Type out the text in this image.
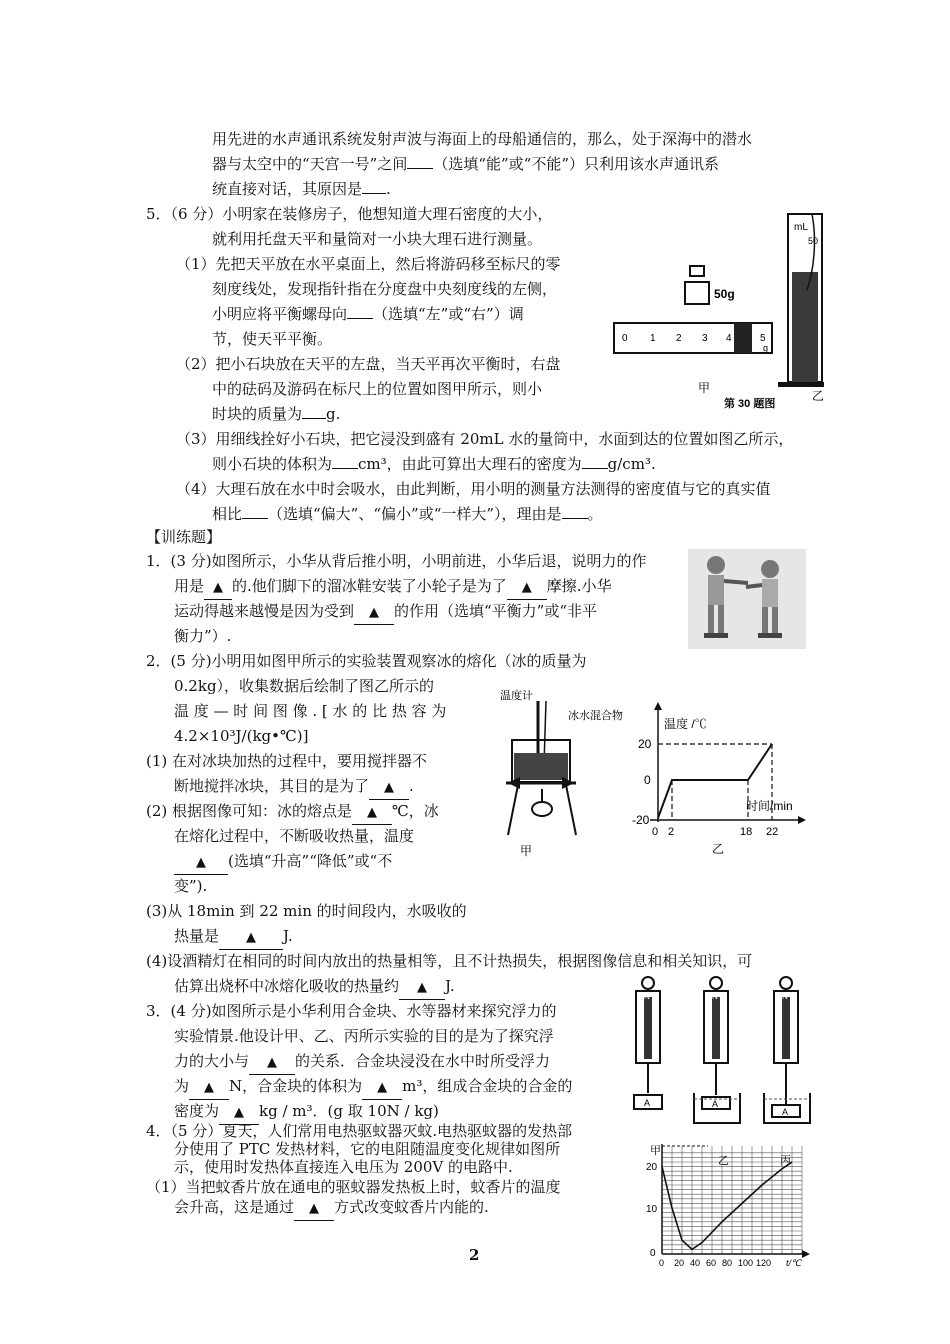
用先进的水声通讯系统发射声波与海面上的母船通信的，那么，处于深海中的潜水
器与太空中的“天宫一号”之间 （选填“能”或“不能”）只利用该水声通讯系
统直接对话，其原因是 .
5．（6 分）小明家在装修房子，他想知道大理石密度的大小，
就利用托盘天平和量筒对一小块大理石进行测量。
（1）先把天平放在水平桌面上，然后将游码移至标尺的零
刻度线处，发现指针指在分度盘中央刻度线的左侧，
小明应将平衡螺母向 （选填“左”或“右”）调
节，使天平平衡。
（2）把小石块放在天平的左盘，当天平再次平衡时，右盘
中的砝码及游码在标尺上的位置如图甲所示，则小
时块的质量为 g.
（3）用细线拴好小石块，把它浸没到盛有 20mL 水的量筒中，水面到达的位置如图乙所示，
则小石块的体积为 cm³，由此可算出大理石的密度为 g/cm³.
（4）大理石放在水中时会吸水，由此判断，用小明的测量方法测得的密度值与它的真实值
相比 （选填“偏大”、“偏小”或“一样大”），理由是 。
50g
0 1 2 3 4	5
g
mL
50
甲
乙
第 30 题图
【训练题】
1．(3 分)如图所示，小华从背后推小明，小明前进，小华后退，说明力的作
用是 ▲ 的.他们脚下的溜冰鞋安装了小轮子是为了 ▲ 摩擦.小华
运动得越来越慢是因为受到 ▲ 的作用（选填“平衡力”或“非平
衡力”）.
2．(5 分)小明用如图甲所示的实验装置观察冰的熔化（冰的质量为
0.2kg），收集数据后绘制了图乙所示的
温 度 — 时 间 图 像 . [ 水 的 比 热 容 为
4.2×10³J/(kg•℃)]
(1) 在对冰块加热的过程中，要用搅拌器不
断地搅拌冰块，其目的是为了 ▲ .
(2) 根据图像可知：冰的熔点是 ▲ ℃，冰
在熔化过程中，不断吸收热量，温度
▲ (选填“升高”“降低”或“不
变”).
(3)从 18min 到 22 min 的时间段内，水吸收的
热量是 ▲ J.
(4)设酒精灯在相同的时间内放出的热量相等，且不计热损失，根据图像信息和相关知识，可
估算出烧杯中冰熔化吸收的热量约 ▲ J.
温度计
冰水混合物
甲
温度 /℃
时间/min
20
0
-20
0 2	18 22
乙
3．(4 分)如图所示是小华利用合金块、水等器材来探究浮力的
实验情景.他设计甲、乙、丙所示实验的目的是为了探究浮
力的大小与 ▲ 的关系．合金块浸没在水中时所受浮力
为 ▲ N，合金块的体积为 ▲ m³，组成合金块的合金的
密度为 ▲ kg / m³．(g 取 10N / kg)
N
A
N
A
N
A
4．（5 分）夏天，人们常用电热驱蚊器灭蚊.电热驱蚊器的发热部
分使用了 PTC 发热材料，它的电阻随温度变化规律如图所
示，使用时发热体直接连入电压为 200V 的电路中.
（1）当把蚊香片放在通电的驱蚊器发热板上时，蚊香片的温度
会升高，这是通过 ▲ 方式改变蚊香片内能的.
甲
乙	丙
20
10
0
0 20 40 60 80 100 120 t/℃
2
